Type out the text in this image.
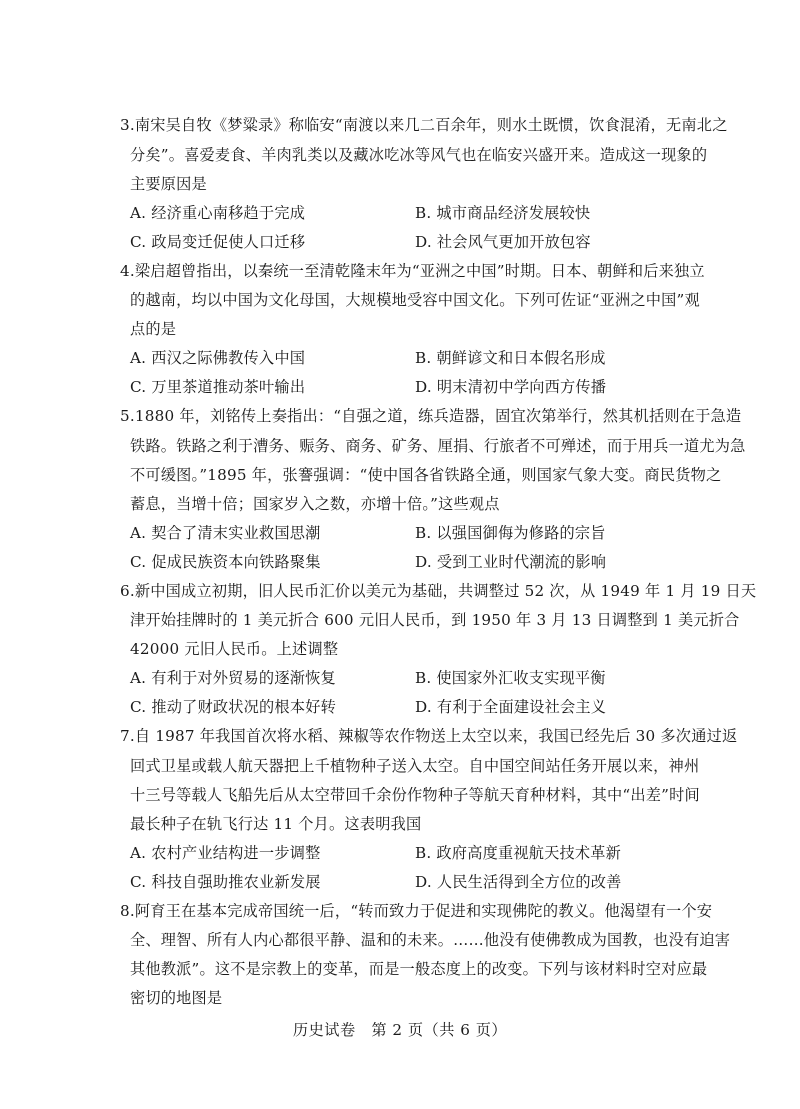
3.南宋吴自牧《梦粱录》称临安“南渡以来几二百余年，则水土既惯，饮食混淆，无南北之
分矣”。喜爱麦食、羊肉乳类以及藏冰吃冰等风气也在临安兴盛开来。造成这一现象的
主要原因是
A. 经济重心南移趋于完成	B. 城市商品经济发展较快
C. 政局变迁促使人口迁移	D. 社会风气更加开放包容
4.梁启超曾指出，以秦统一至清乾隆末年为“亚洲之中国”时期。日本、朝鲜和后来独立
的越南，均以中国为文化母国，大规模地受容中国文化。下列可佐证“亚洲之中国”观
点的是
A. 西汉之际佛教传入中国	B. 朝鲜谚文和日本假名形成
C. 万里茶道推动茶叶输出	D. 明末清初中学向西方传播
5.1880 年，刘铭传上奏指出：“自强之道，练兵造器，固宜次第举行，然其机括则在于急造
铁路。铁路之利于漕务、赈务、商务、矿务、厘捐、行旅者不可殚述，而于用兵一道尤为急
不可缓图。”1895 年，张謇强调：“使中国各省铁路全通，则国家气象大变。商民货物之
蓄息，当增十倍；国家岁入之数，亦增十倍。”这些观点
A. 契合了清末实业救国思潮	B. 以强国御侮为修路的宗旨
C. 促成民族资本向铁路聚集	D. 受到工业时代潮流的影响
6.新中国成立初期，旧人民币汇价以美元为基础，共调整过 52 次，从 1949 年 1 月 19 日天
津开始挂牌时的 1 美元折合 600 元旧人民币，到 1950 年 3 月 13 日调整到 1 美元折合
42000 元旧人民币。上述调整
A. 有利于对外贸易的逐渐恢复	B. 使国家外汇收支实现平衡
C. 推动了财政状况的根本好转	D. 有利于全面建设社会主义
7.自 1987 年我国首次将水稻、辣椒等农作物送上太空以来，我国已经先后 30 多次通过返
回式卫星或载人航天器把上千植物种子送入太空。自中国空间站任务开展以来，神州
十三号等载人飞船先后从太空带回千余份作物种子等航天育种材料，其中“出差”时间
最长种子在轨飞行达 11 个月。这表明我国
A. 农村产业结构进一步调整	B. 政府高度重视航天技术革新
C. 科技自强助推农业新发展	D. 人民生活得到全方位的改善
8.阿育王在基本完成帝国统一后，“转而致力于促进和实现佛陀的教义。他渴望有一个安
全、理智、所有人内心都很平静、温和的未来。……他没有使佛教成为国教，也没有迫害
其他教派”。这不是宗教上的变革，而是一般态度上的改变。下列与该材料时空对应最
密切的地图是
历史试卷　第 2 页（共 6 页）
